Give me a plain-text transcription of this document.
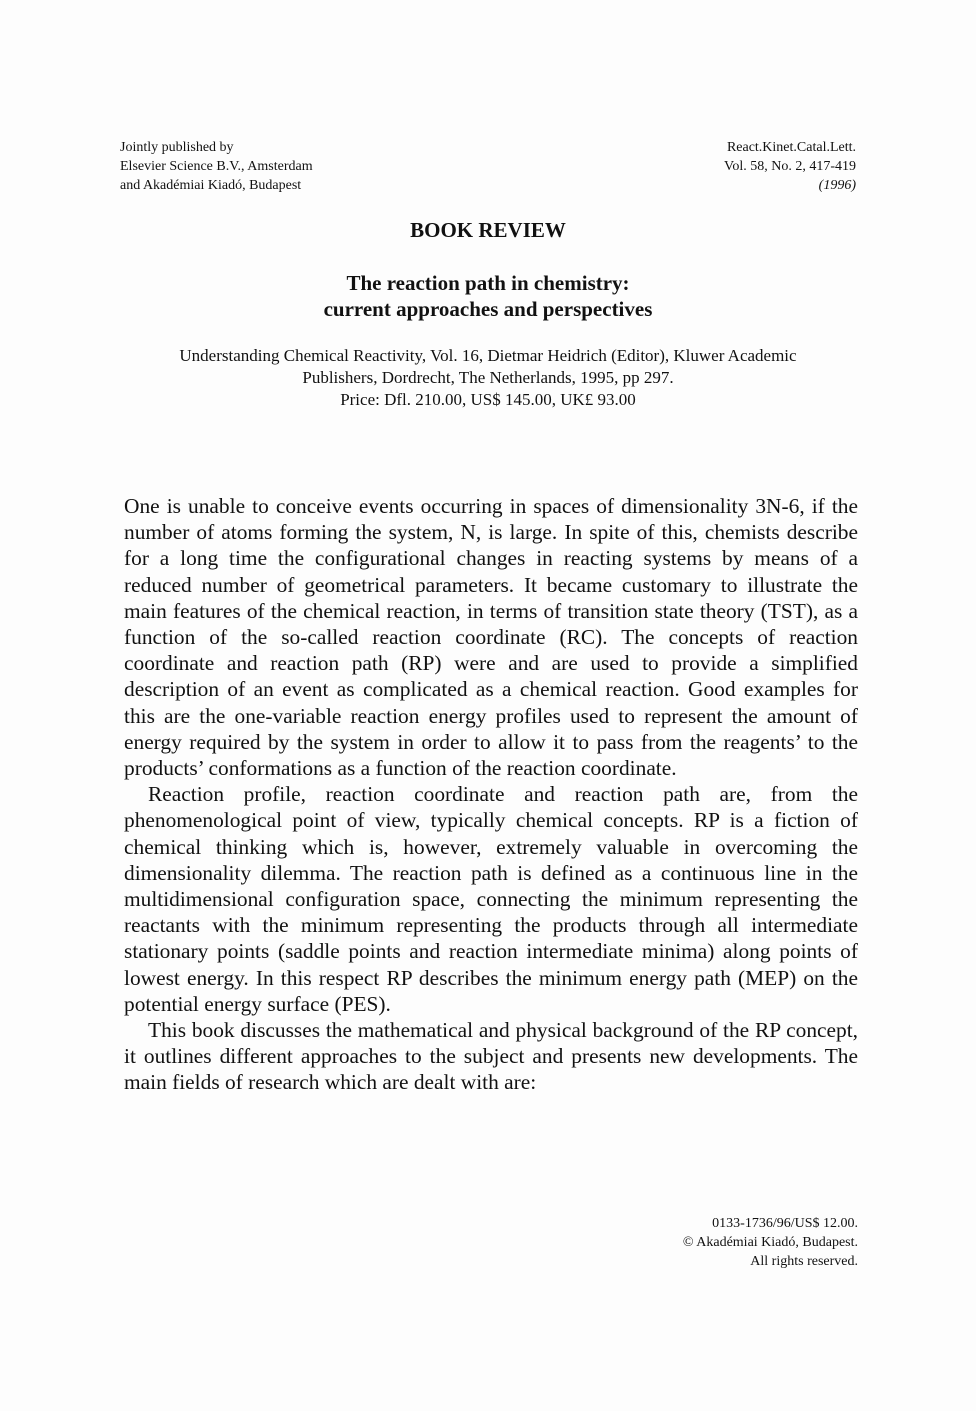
Jointly published by
Elsevier Science B.V., Amsterdam
and Akadémiai Kiadó, Budapest
React.Kinet.Catal.Lett.
Vol. 58, No. 2, 417-419
(1996)
BOOK REVIEW
The reaction path in chemistry:
current approaches and perspectives
Understanding Chemical Reactivity, Vol. 16, Dietmar Heidrich (Editor), Kluwer Academic
Publishers, Dordrecht, The Netherlands, 1995, pp 297.
Price: Dfl. 210.00, US$ 145.00, UK£ 93.00

One is unable to conceive events occurring in spaces of dimensionality 3N-6, if the number of atoms forming the system, N, is large. In spite of this, chemists describe for a long time the configurational changes in reacting systems by means of a reduced number of geometrical parameters. It became customary to illustrate the main features of the chemical reaction, in terms of transition state theory (TST), as a function of the so-called reaction coordinate (RC). The concepts of reaction coordinate and reaction path (RP) were and are used to provide a simplified description of an event as complicated as a chemical reaction. Good examples for this are the one-variable reaction energy profiles used to represent the amount of energy required by the system in order to allow it to pass from the reagents’ to the products’ conformations as a function of the reaction coordinate.

Reaction profile, reaction coordinate and reaction path are, from the phenomenological point of view, typically chemical concepts. RP is a fiction of chemical thinking which is, however, extremely valuable in overcoming the dimensionality dilemma. The reaction path is defined as a continuous line in the multidimensional configuration space, connecting the minimum representing the reactants with the minimum representing the products through all intermediate stationary points (saddle points and reaction intermediate minima) along points of lowest energy. In this respect RP describes the minimum energy path (MEP) on the potential energy surface (PES).

This book discusses the mathematical and physical background of the RP concept, it outlines different approaches to the subject and presents new developments. The main fields of research which are dealt with are:

0133-1736/96/US$ 12.00.
© Akadémiai Kiadó, Budapest.
All rights reserved.
